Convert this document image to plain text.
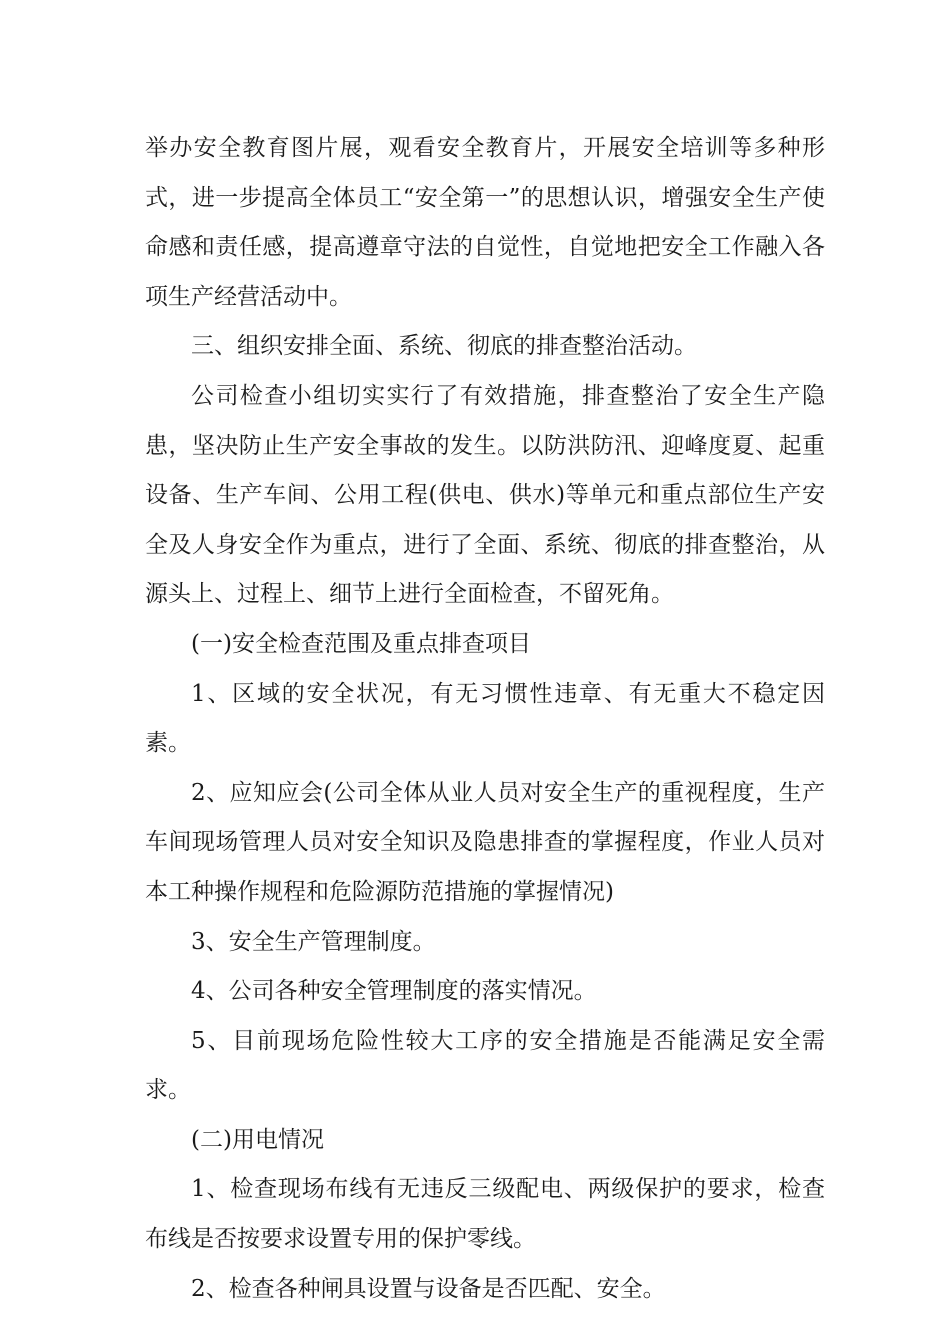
举办安全教育图片展，观看安全教育片，开展安全培训等多种形式，进一步提高全体员工“安全第一”的思想认识，增强安全生产使命感和责任感，提高遵章守法的自觉性，自觉地把安全工作融入各项生产经营活动中。

三、组织安排全面、系统、彻底的排查整治活动。

公司检查小组切实实行了有效措施，排查整治了安全生产隐患，坚决防止生产安全事故的发生。以防洪防汛、迎峰度夏、起重设备、生产车间、公用工程(供电、供水)等单元和重点部位生产安全及人身安全作为重点，进行了全面、系统、彻底的排查整治，从源头上、过程上、细节上进行全面检查，不留死角。

(一)安全检查范围及重点排查项目

1、区域的安全状况，有无习惯性违章、有无重大不稳定因素。

2、应知应会(公司全体从业人员对安全生产的重视程度，生产车间现场管理人员对安全知识及隐患排查的掌握程度，作业人员对本工种操作规程和危险源防范措施的掌握情况)

3、安全生产管理制度。

4、公司各种安全管理制度的落实情况。

5、目前现场危险性较大工序的安全措施是否能满足安全需求。

(二)用电情况

1、检查现场布线有无违反三级配电、两级保护的要求，检查布线是否按要求设置专用的保护零线。

2、检查各种闸具设置与设备是否匹配、安全。
